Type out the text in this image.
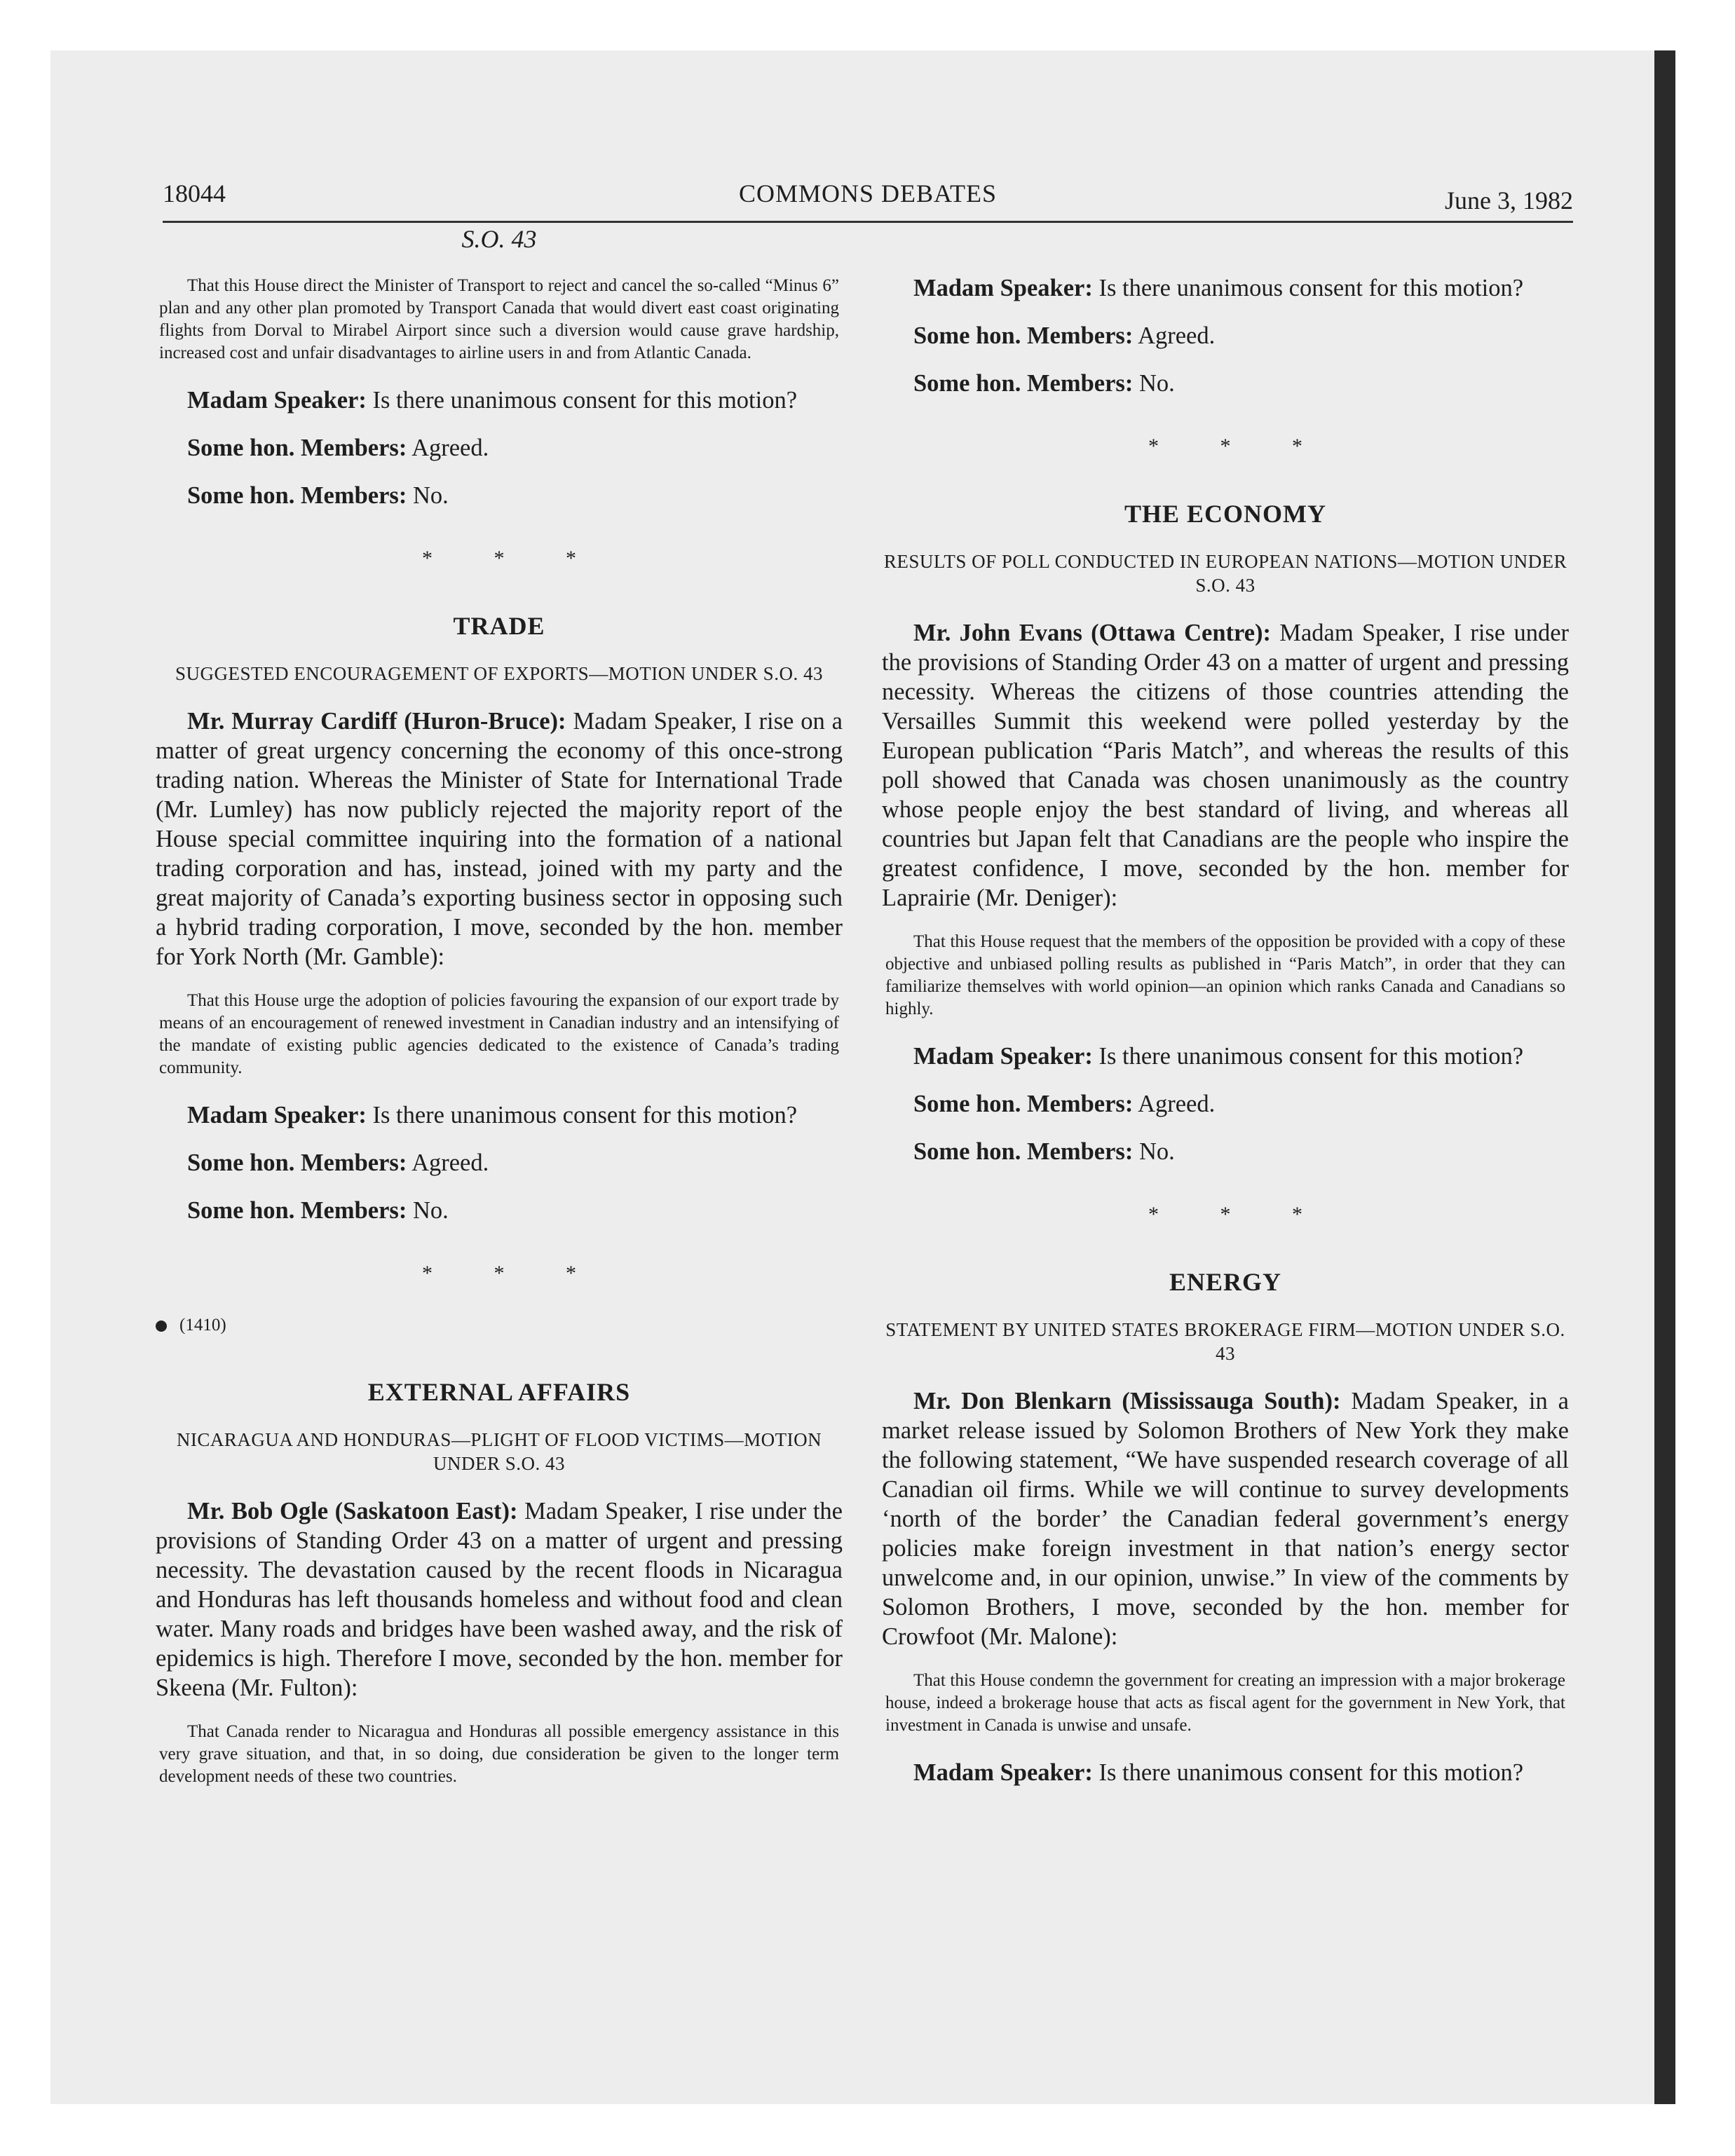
18044	COMMONS DEBATES	June 3, 1982

S.O. 43

That this House direct the Minister of Transport to reject and cancel the so-called “Minus 6” plan and any other plan promoted by Transport Canada that would divert east coast originating flights from Dorval to Mirabel Airport since such a diversion would cause grave hardship, increased cost and unfair disadvantages to airline users in and from Atlantic Canada.

Madam Speaker: Is there unanimous consent for this motion?

Some hon. Members: Agreed.

Some hon. Members: No.

* * *

TRADE

SUGGESTED ENCOURAGEMENT OF EXPORTS—MOTION UNDER S.O. 43

Mr. Murray Cardiff (Huron-Bruce): Madam Speaker, I rise on a matter of great urgency concerning the economy of this once-strong trading nation. Whereas the Minister of State for International Trade (Mr. Lumley) has now publicly rejected the majority report of the House special committee inquiring into the formation of a national trading corporation and has, instead, joined with my party and the great majority of Canada’s exporting business sector in opposing such a hybrid trading corporation, I move, seconded by the hon. member for York North (Mr. Gamble):

That this House urge the adoption of policies favouring the expansion of our export trade by means of an encouragement of renewed investment in Canadian industry and an intensifying of the mandate of existing public agencies dedicated to the existence of Canada’s trading community.

Madam Speaker: Is there unanimous consent for this motion?

Some hon. Members: Agreed.

Some hon. Members: No.

* * *

(1410)

EXTERNAL AFFAIRS

NICARAGUA AND HONDURAS—PLIGHT OF FLOOD VICTIMS—MOTION UNDER S.O. 43

Mr. Bob Ogle (Saskatoon East): Madam Speaker, I rise under the provisions of Standing Order 43 on a matter of urgent and pressing necessity. The devastation caused by the recent floods in Nicaragua and Honduras has left thousands homeless and without food and clean water. Many roads and bridges have been washed away, and the risk of epidemics is high. Therefore I move, seconded by the hon. member for Skeena (Mr. Fulton):

That Canada render to Nicaragua and Honduras all possible emergency assistance in this very grave situation, and that, in so doing, due consideration be given to the longer term development needs of these two countries.

Madam Speaker: Is there unanimous consent for this motion?

Some hon. Members: Agreed.

Some hon. Members: No.

* * *

THE ECONOMY

RESULTS OF POLL CONDUCTED IN EUROPEAN NATIONS—MOTION UNDER S.O. 43

Mr. John Evans (Ottawa Centre): Madam Speaker, I rise under the provisions of Standing Order 43 on a matter of urgent and pressing necessity. Whereas the citizens of those countries attending the Versailles Summit this weekend were polled yesterday by the European publication “Paris Match”, and whereas the results of this poll showed that Canada was chosen unanimously as the country whose people enjoy the best standard of living, and whereas all countries but Japan felt that Canadians are the people who inspire the greatest confidence, I move, seconded by the hon. member for Laprairie (Mr. Deniger):

That this House request that the members of the opposition be provided with a copy of these objective and unbiased polling results as published in “Paris Match”, in order that they can familiarize themselves with world opinion—an opinion which ranks Canada and Canadians so highly.

Madam Speaker: Is there unanimous consent for this motion?

Some hon. Members: Agreed.

Some hon. Members: No.

* * *

ENERGY

STATEMENT BY UNITED STATES BROKERAGE FIRM—MOTION UNDER S.O. 43

Mr. Don Blenkarn (Mississauga South): Madam Speaker, in a market release issued by Solomon Brothers of New York they make the following statement, “We have suspended research coverage of all Canadian oil firms. While we will continue to survey developments ‘north of the border’ the Canadian federal government’s energy policies make foreign investment in that nation’s energy sector unwelcome and, in our opinion, unwise.” In view of the comments by Solomon Brothers, I move, seconded by the hon. member for Crowfoot (Mr. Malone):

That this House condemn the government for creating an impression with a major brokerage house, indeed a brokerage house that acts as fiscal agent for the government in New York, that investment in Canada is unwise and unsafe.

Madam Speaker: Is there unanimous consent for this motion?
